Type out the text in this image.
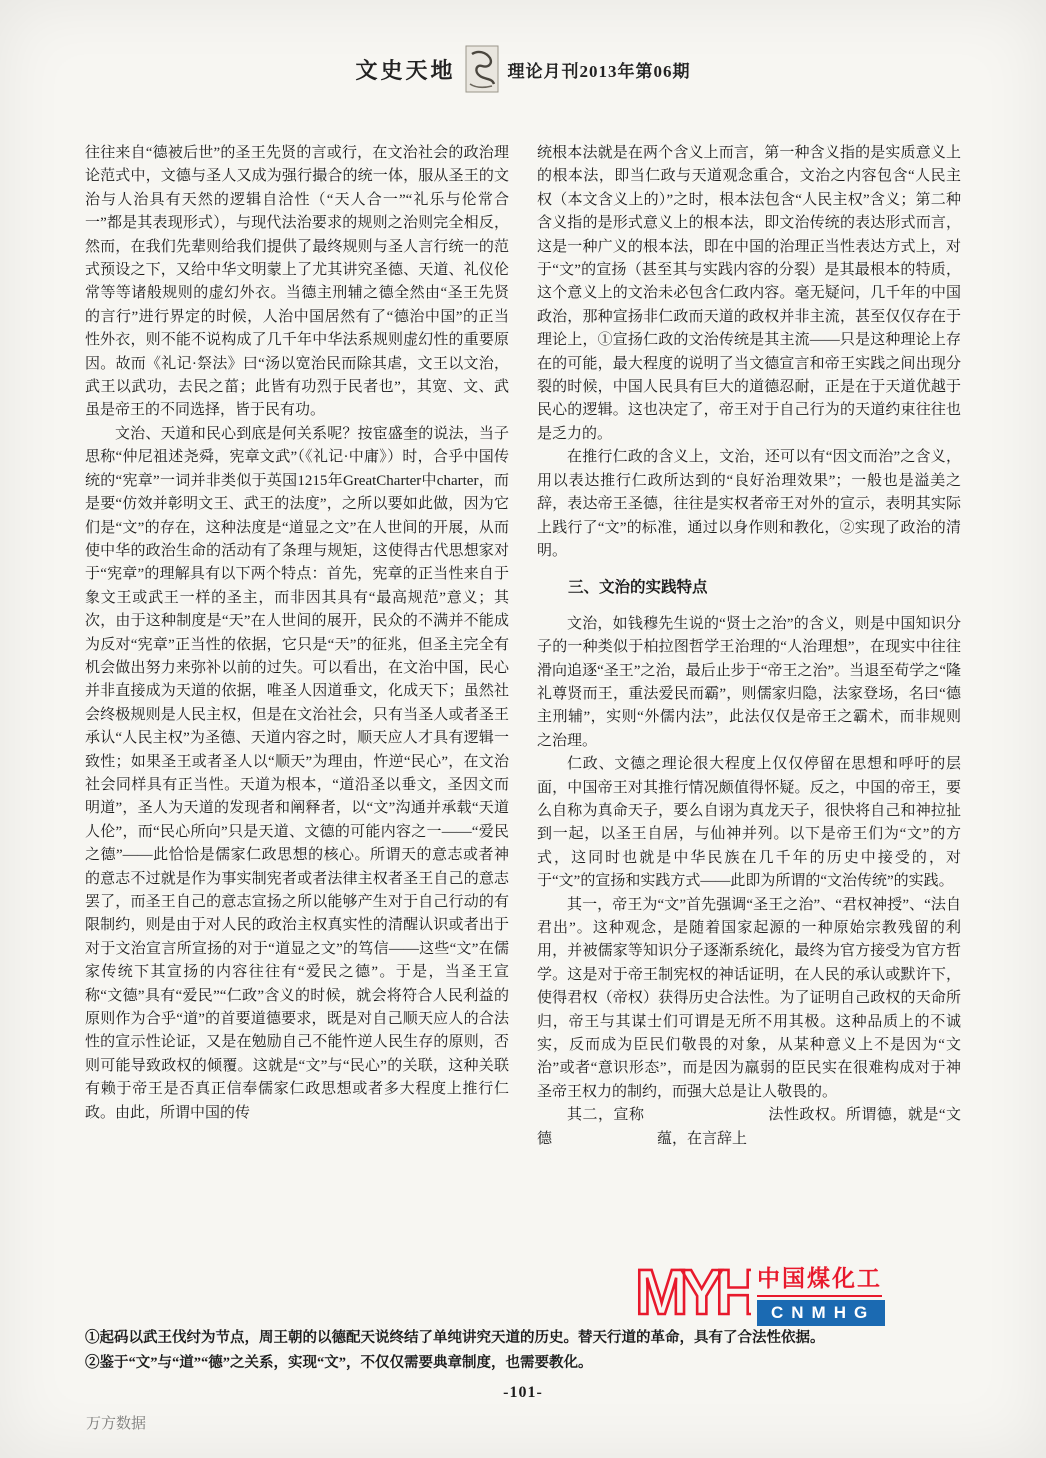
文史天地	理论月刊2013年第06期

往往来自“德被后世”的圣王先贤的言或行，在文治社会的政治理论范式中，文德与圣人又成为强行撮合的统一体，服从圣王的文治与人治具有天然的逻辑自洽性（“天人合一”“礼乐与伦常合一”都是其表现形式），与现代法治要求的规则之治则完全相反，然而，在我们先辈则给我们提供了最终规则与圣人言行统一的范式预设之下，又给中华文明蒙上了尤其讲究圣德、天道、礼仪伦常等等诸般规则的虚幻外衣。当德主刑辅之德全然由“圣王先贤的言行”进行界定的时候，人治中国居然有了“德治中国”的正当性外衣，则不能不说构成了几千年中华法系规则虚幻性的重要原因。故而《礼记·祭法》曰“汤以宽治民而除其虐，文王以文治，武王以武功，去民之菑；此皆有功烈于民者也”，其宽、文、武虽是帝王的不同选择，皆于民有功。

文治、天道和民心到底是何关系呢？按宦盛奎的说法，当子思称“仲尼祖述尧舜，宪章文武”（《礼记·中庸》）时，合乎中国传统的“宪章”一词并非类似于英国1215年GreatCharter中charter，而是要“仿效并彰明文王、武王的法度”，之所以要如此做，因为它们是“文”的存在，这种法度是“道显之文”在人世间的开展，从而使中华的政治生命的活动有了条理与规矩，这使得古代思想家对于“宪章”的理解具有以下两个特点：首先，宪章的正当性来自于象文王或武王一样的圣主，而非因其具有“最高规范”意义；其次，由于这种制度是“天”在人世间的展开，民众的不满并不能成为反对“宪章”正当性的依据，它只是“天”的征兆，但圣主完全有机会做出努力来弥补以前的过失。可以看出，在文治中国，民心并非直接成为天道的依据，唯圣人因道垂文，化成天下；虽然社会终极规则是人民主权，但是在文治社会，只有当圣人或者圣王承认“人民主权”为圣德、天道内容之时，顺天应人才具有逻辑一致性；如果圣王或者圣人以“顺天”为理由，忤逆“民心”，在文治社会同样具有正当性。天道为根本，“道沿圣以垂文，圣因文而明道”，圣人为天道的发现者和阐释者，以“文”沟通并承载“天道人伦”，而“民心所向”只是天道、文德的可能内容之一——“爱民之德”——此恰恰是儒家仁政思想的核心。所谓天的意志或者神的意志不过就是作为事实制宪者或者法律主权者圣王自己的意志罢了，而圣王自己的意志宣扬之所以能够产生对于自己行动的有限制约，则是由于对人民的政治主权真实性的清醒认识或者出于对于文治宣言所宣扬的对于“道显之文”的笃信——这些“文”在儒家传统下其宣扬的内容往往有“爱民之德”。于是，当圣王宣称“文德”具有“爱民”“仁政”含义的时候，就会将符合人民利益的原则作为合乎“道”的首要道德要求，既是对自己顺天应人的合法性的宣示性论证，又是在勉励自己不能忤逆人民生存的原则，否则可能导致政权的倾覆。这就是“文”与“民心”的关联，这种关联有赖于帝王是否真正信奉儒家仁政思想或者多大程度上推行仁政。由此，所谓中国的传

统根本法就是在两个含义上而言，第一种含义指的是实质意义上的根本法，即当仁政与天道观念重合，文治之内容包含“人民主权（本文含义上的）”之时，根本法包含“人民主权”含义；第二种含义指的是形式意义上的根本法，即文治传统的表达形式而言，这是一种广义的根本法，即在中国的治理正当性表达方式上，对于“文”的宣扬（甚至其与实践内容的分裂）是其最根本的特质，这个意义上的文治未必包含仁政内容。毫无疑问，几千年的中国政治，那种宣扬非仁政而天道的政权并非主流，甚至仅仅存在于理论上，①宣扬仁政的文治传统是其主流——只是这种理论上存在的可能，最大程度的说明了当文德宣言和帝王实践之间出现分裂的时候，中国人民具有巨大的道德忍耐，正是在于天道优越于民心的逻辑。这也决定了，帝王对于自己行为的天道约束往往也是乏力的。

在推行仁政的含义上，文治，还可以有“因文而治”之含义，用以表达推行仁政所达到的“良好治理效果”；一般也是溢美之辞，表达帝王圣德，往往是实权者帝王对外的宣示，表明其实际上践行了“文”的标准，通过以身作则和教化，②实现了政治的清明。

三、文治的实践特点

文治，如钱穆先生说的“贤士之治”的含义，则是中国知识分子的一种类似于柏拉图哲学王治理的“人治理想”，在现实中往往滑向追逐“圣王”之治，最后止步于“帝王之治”。当退至荀学之“隆礼尊贤而王，重法爱民而霸”，则儒家归隐，法家登场，名曰“德主刑辅”，实则“外儒内法”，此法仅仅是帝王之霸术，而非规则之治理。

仁政、文德之理论很大程度上仅仅停留在思想和呼吁的层面，中国帝王对其推行情况颇值得怀疑。反之，中国的帝王，要么自称为真命天子，要么自诩为真龙天子，很快将自己和神拉扯到一起，以圣王自居，与仙神并列。以下是帝王们为“文”的方式，这同时也就是中华民族在几千年的历史中接受的，对于“文”的宣扬和实践方式——此即为所谓的“文治传统”的实践。

其一，帝王为“文”首先强调“圣王之治”、“君权神授”、“法自君出”。这种观念，是随着国家起源的一种原始宗教残留的利用，并被儒家等知识分子逐渐系统化，最终为官方接受为官方哲学。这是对于帝王制宪权的神话证明，在人民的承认或默许下，使得君权（帝权）获得历史合法性。为了证明自己政权的天命所归，帝王与其谋士们可谓是无所不用其极。这种品质上的不诚实，反而成为臣民们敬畏的对象，从某种意义上不是因为“文治”或者“意识形态”，而是因为羸弱的臣民实在很难构成对于神圣帝王权力的制约，而强大总是让人敬畏的。

其二，宣称　　　　　　　　法性政权。所谓德，就是“文德　　　　　　　蕴，在言辞上

MYH 中国煤化工
CNMHG

①起码以武王伐纣为节点，周王朝的以德配天说终结了单纯讲究天道的历史。替天行道的革命，具有了合法性依据。

②鉴于“文”与“道”“德”之关系，实现“文”，不仅仅需要典章制度，也需要教化。

-101-
万方数据
